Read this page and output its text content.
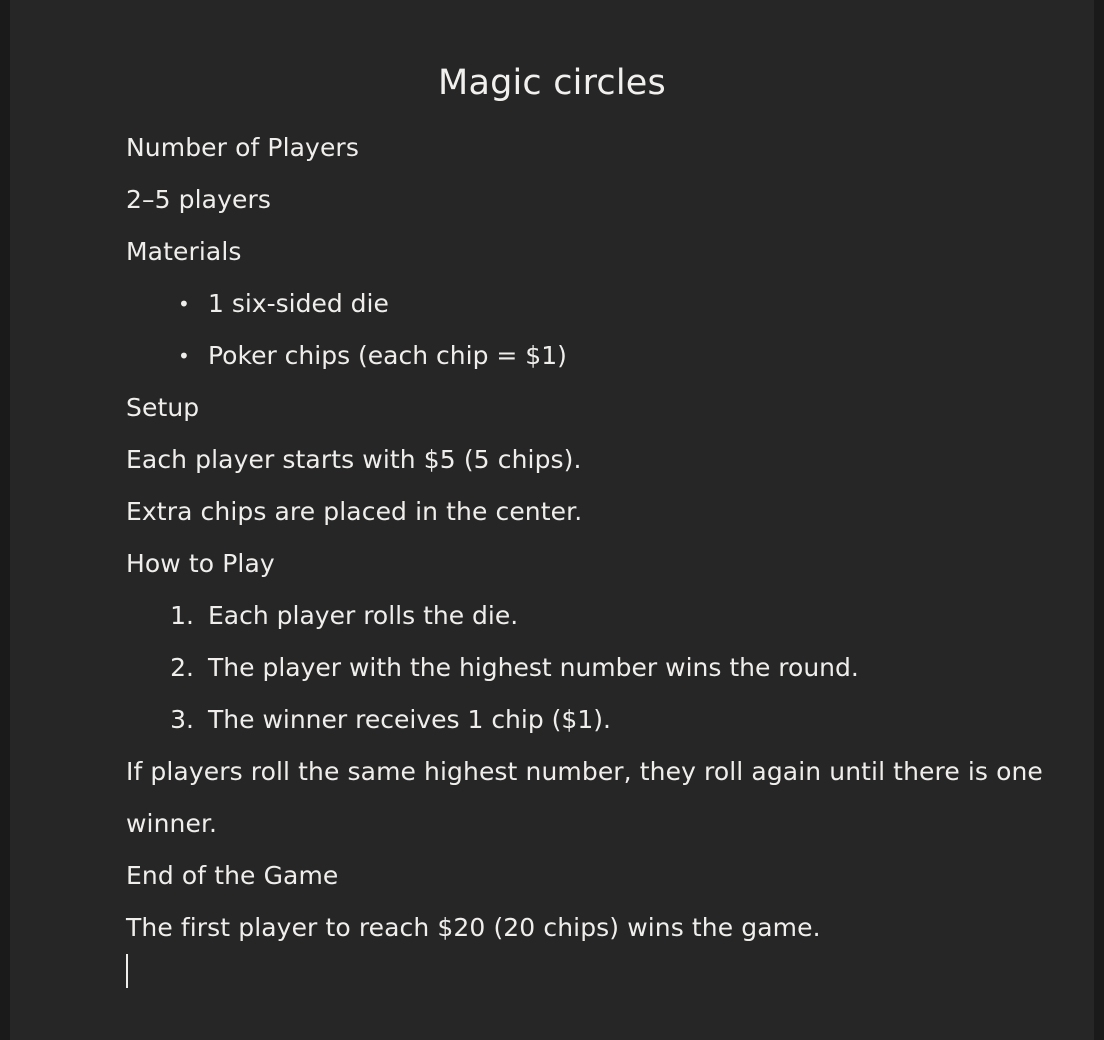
Magic circles
Number of Players
2–5 players
Materials
• 1 six-sided die
• Poker chips (each chip = $1)
Setup
Each player starts with $5 (5 chips).
Extra chips are placed in the center.
How to Play
Each player rolls the die.
The player with the highest number wins the round.
The winner receives 1 chip ($1).
If players roll the same highest number, they roll again until there is one winner.
End of the Game
The first player to reach $20 (20 chips) wins the game.
